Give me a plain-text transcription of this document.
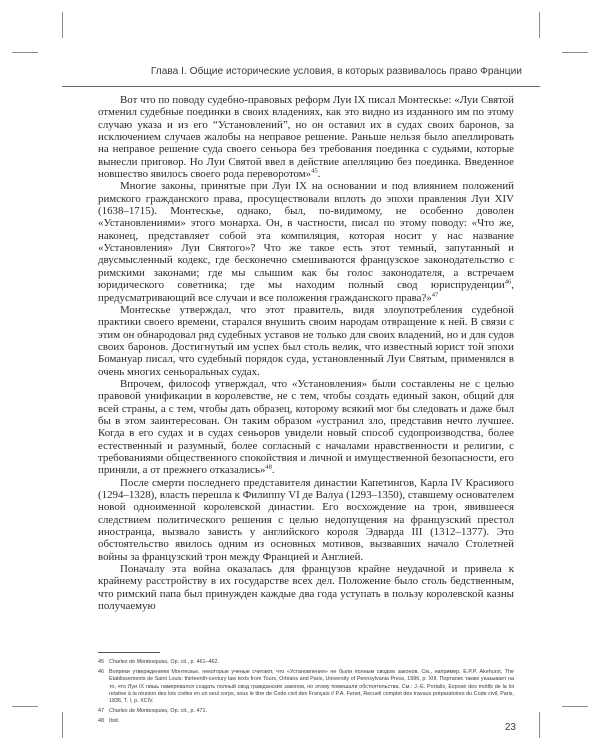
Глава I. Общие исторические условия, в которых развивалось право Франции

Вот что по поводу судебно-правовых реформ Луи IX писал Монтескье: «Луи Святой отменил судебные поединки в своих владениях, как это видно из изданного им по этому случаю указа и из его “Установлений”, но он оставил их в судах своих баронов, за исключением случаев жалобы на неправое решение. Раньше нельзя было апеллировать на неправое решение суда своего сеньора без требования поединка с судьями, которые вынесли приговор. Но Луи Святой ввел в действие апелляцию без поединка. Введенное новшество явилось своего рода переворотом»$^{45}$.

Многие законы, принятые при Луи IX на основании и под влиянием положений римского гражданского права, просуществовали вплоть до эпохи правления Луи XIV (1638–1715). Монтескье, однако, был, по-видимому, не особенно доволен «Установлениями» этого монарха. Он, в частности, писал по этому поводу: «Что же, наконец, представляет собой эта компиляция, которая носит у нас название «Установления» Луи Святого»? Что же такое есть этот темный, запутанный и двусмысленный кодекс, где бесконечно смешиваются французское законодательство с римскими законами; где мы слышим как бы голос законодателя, а встречаем юридического советника; где мы находим полный свод юриспруденции$^{46}$, предусматривающий все случаи и все положения гражданского права?»$^{47}$

Монтескье утверждал, что этот правитель, видя злоупотребления судебной практики своего времени, старался внушить своим народам отвращение к ней. В связи с этим он обнародовал ряд судебных уставов не только для своих владений, но и для судов своих баронов. Достигнутый им успех был столь велик, что известный юрист той эпохи Бомануар писал, что судебный порядок суда, установленный Луи Святым, применялся в очень многих сеньоральных судах.

Впрочем, философ утверждал, что «Установления» были составлены не с целью правовой унификации в королевстве, не с тем, чтобы создать единый закон, общий для всей страны, а с тем, чтобы дать образец, которому всякий мог бы следовать и даже был бы в этом заинтересован. Он таким образом «устранил зло, представив нечто лучшее. Когда в его судах и в судах сеньоров увидели новый способ судопроизводства, более естественный и разумный, более согласный с началами нравственности и религии, с требованиями общественного спокойствия и личной и имущественной безопасности, его приняли, а от прежнего отказались»$^{48}$.

После смерти последнего представителя династии Капетингов, Карла IV Красивого (1294–1328), власть перешла к Филиппу VI де Валуа (1293–1350), ставшему основателем новой одноименной королевской династии. Его восхождение на трон, явившееся следствием политического решения с целью недопущения на французский престол иностранца, вызвало зависть у английского короля Эдварда III (1312–1377). Это обстоятельство явилось одним из основных мотивов, вызвавших начало Столетней войны за французский трон между Францией и Англией.

Поначалу эта война оказалась для французов крайне неудачной и привела к крайнему расстройству в их государстве всех дел. Положение было столь бедственным, что римский папа был принужден каждые два года уступать в пользу королевской казны получаемую

45 Charles de Montesquieu, Op. cit., p. 461–462.
46 Вопреки утверждениям Монтескье, некоторые ученые считают, что «Установления» не были полным сводом законов. См., например, E.P.P. Akehurst, The Etablissements de Saint Louis: thirteenth-century law texts from Tours, Orléans and Paris, University of Pennsylvania Press, 1996, p. XIII. Портапис также указывает на то, что Луи IX лишь намеревался создать полный свод гражданских законов, но этому помешали обстоятельства. См.: J.-E. Portalis, Exposé des motifs de la loi relative à la réunion des lois civiles en un seul corps, sous le titre de Code civil des Français // P.A. Fenet, Recueil complet des travaux préparatoires du Code civil, Paris, 1836, T. I, p. XCIV.
47 Charles de Montesquieu, Op. cit., p. 471.
48 Ibid.
23
